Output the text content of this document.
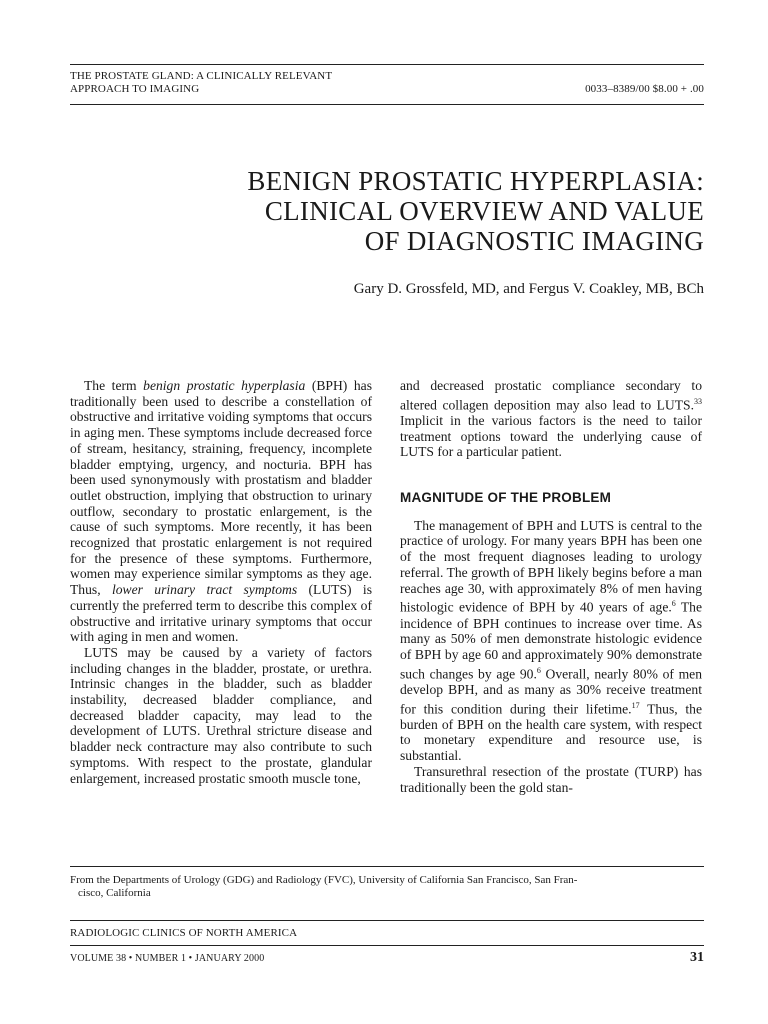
THE PROSTATE GLAND: A CLINICALLY RELEVANT
APPROACH TO IMAGING	0033–8389/00 $8.00 + .00
BENIGN PROSTATIC HYPERPLASIA:
CLINICAL OVERVIEW AND VALUE
OF DIAGNOSTIC IMAGING
Gary D. Grossfeld, MD, and Fergus V. Coakley, MB, BCh

The term benign prostatic hyperplasia (BPH) has traditionally been used to describe a constellation of obstructive and irritative voiding symptoms that occurs in aging men. These symptoms include decreased force of stream, hesitancy, straining, frequency, incomplete bladder emptying, urgency, and nocturia. BPH has been used synonymously with prostatism and bladder outlet obstruction, implying that obstruction to urinary outflow, secondary to prostatic enlargement, is the cause of such symptoms. More recently, it has been recognized that prostatic enlargement is not required for the presence of these symptoms. Furthermore, women may experience similar symptoms as they age. Thus, lower urinary tract symptoms (LUTS) is currently the preferred term to describe this complex of obstructive and irritative urinary symptoms that occur with aging in men and women.

LUTS may be caused by a variety of factors including changes in the bladder, prostate, or urethra. Intrinsic changes in the bladder, such as bladder instability, decreased bladder compliance, and decreased bladder capacity, may lead to the development of LUTS. Urethral stricture disease and bladder neck contracture may also contribute to such symptoms. With respect to the prostate, glandular enlargement, increased prostatic smooth muscle tone,

and decreased prostatic compliance secondary to altered collagen deposition may also lead to LUTS.$^{33}$ Implicit in the various factors is the need to tailor treatment options toward the underlying cause of LUTS for a particular patient.

MAGNITUDE OF THE PROBLEM

The management of BPH and LUTS is central to the practice of urology. For many years BPH has been one of the most frequent diagnoses leading to urology referral. The growth of BPH likely begins before a man reaches age 30, with approximately 8% of men having histologic evidence of BPH by 40 years of age.$^6$ The incidence of BPH continues to increase over time. As many as 50% of men demonstrate histologic evidence of BPH by age 60 and approximately 90% demonstrate such changes by age 90.$^6$ Overall, nearly 80% of men develop BPH, and as many as 30% receive treatment for this condition during their lifetime.$^{17}$ Thus, the burden of BPH on the health care system, with respect to monetary expenditure and resource use, is substantial.

Transurethral resection of the prostate (TURP) has traditionally been the gold stan-

From the Departments of Urology (GDG) and Radiology (FVC), University of California San Francisco, San Fran-
cisco, California
RADIOLOGIC CLINICS OF NORTH AMERICA
VOLUME 38 • NUMBER 1 • JANUARY 2000	31
